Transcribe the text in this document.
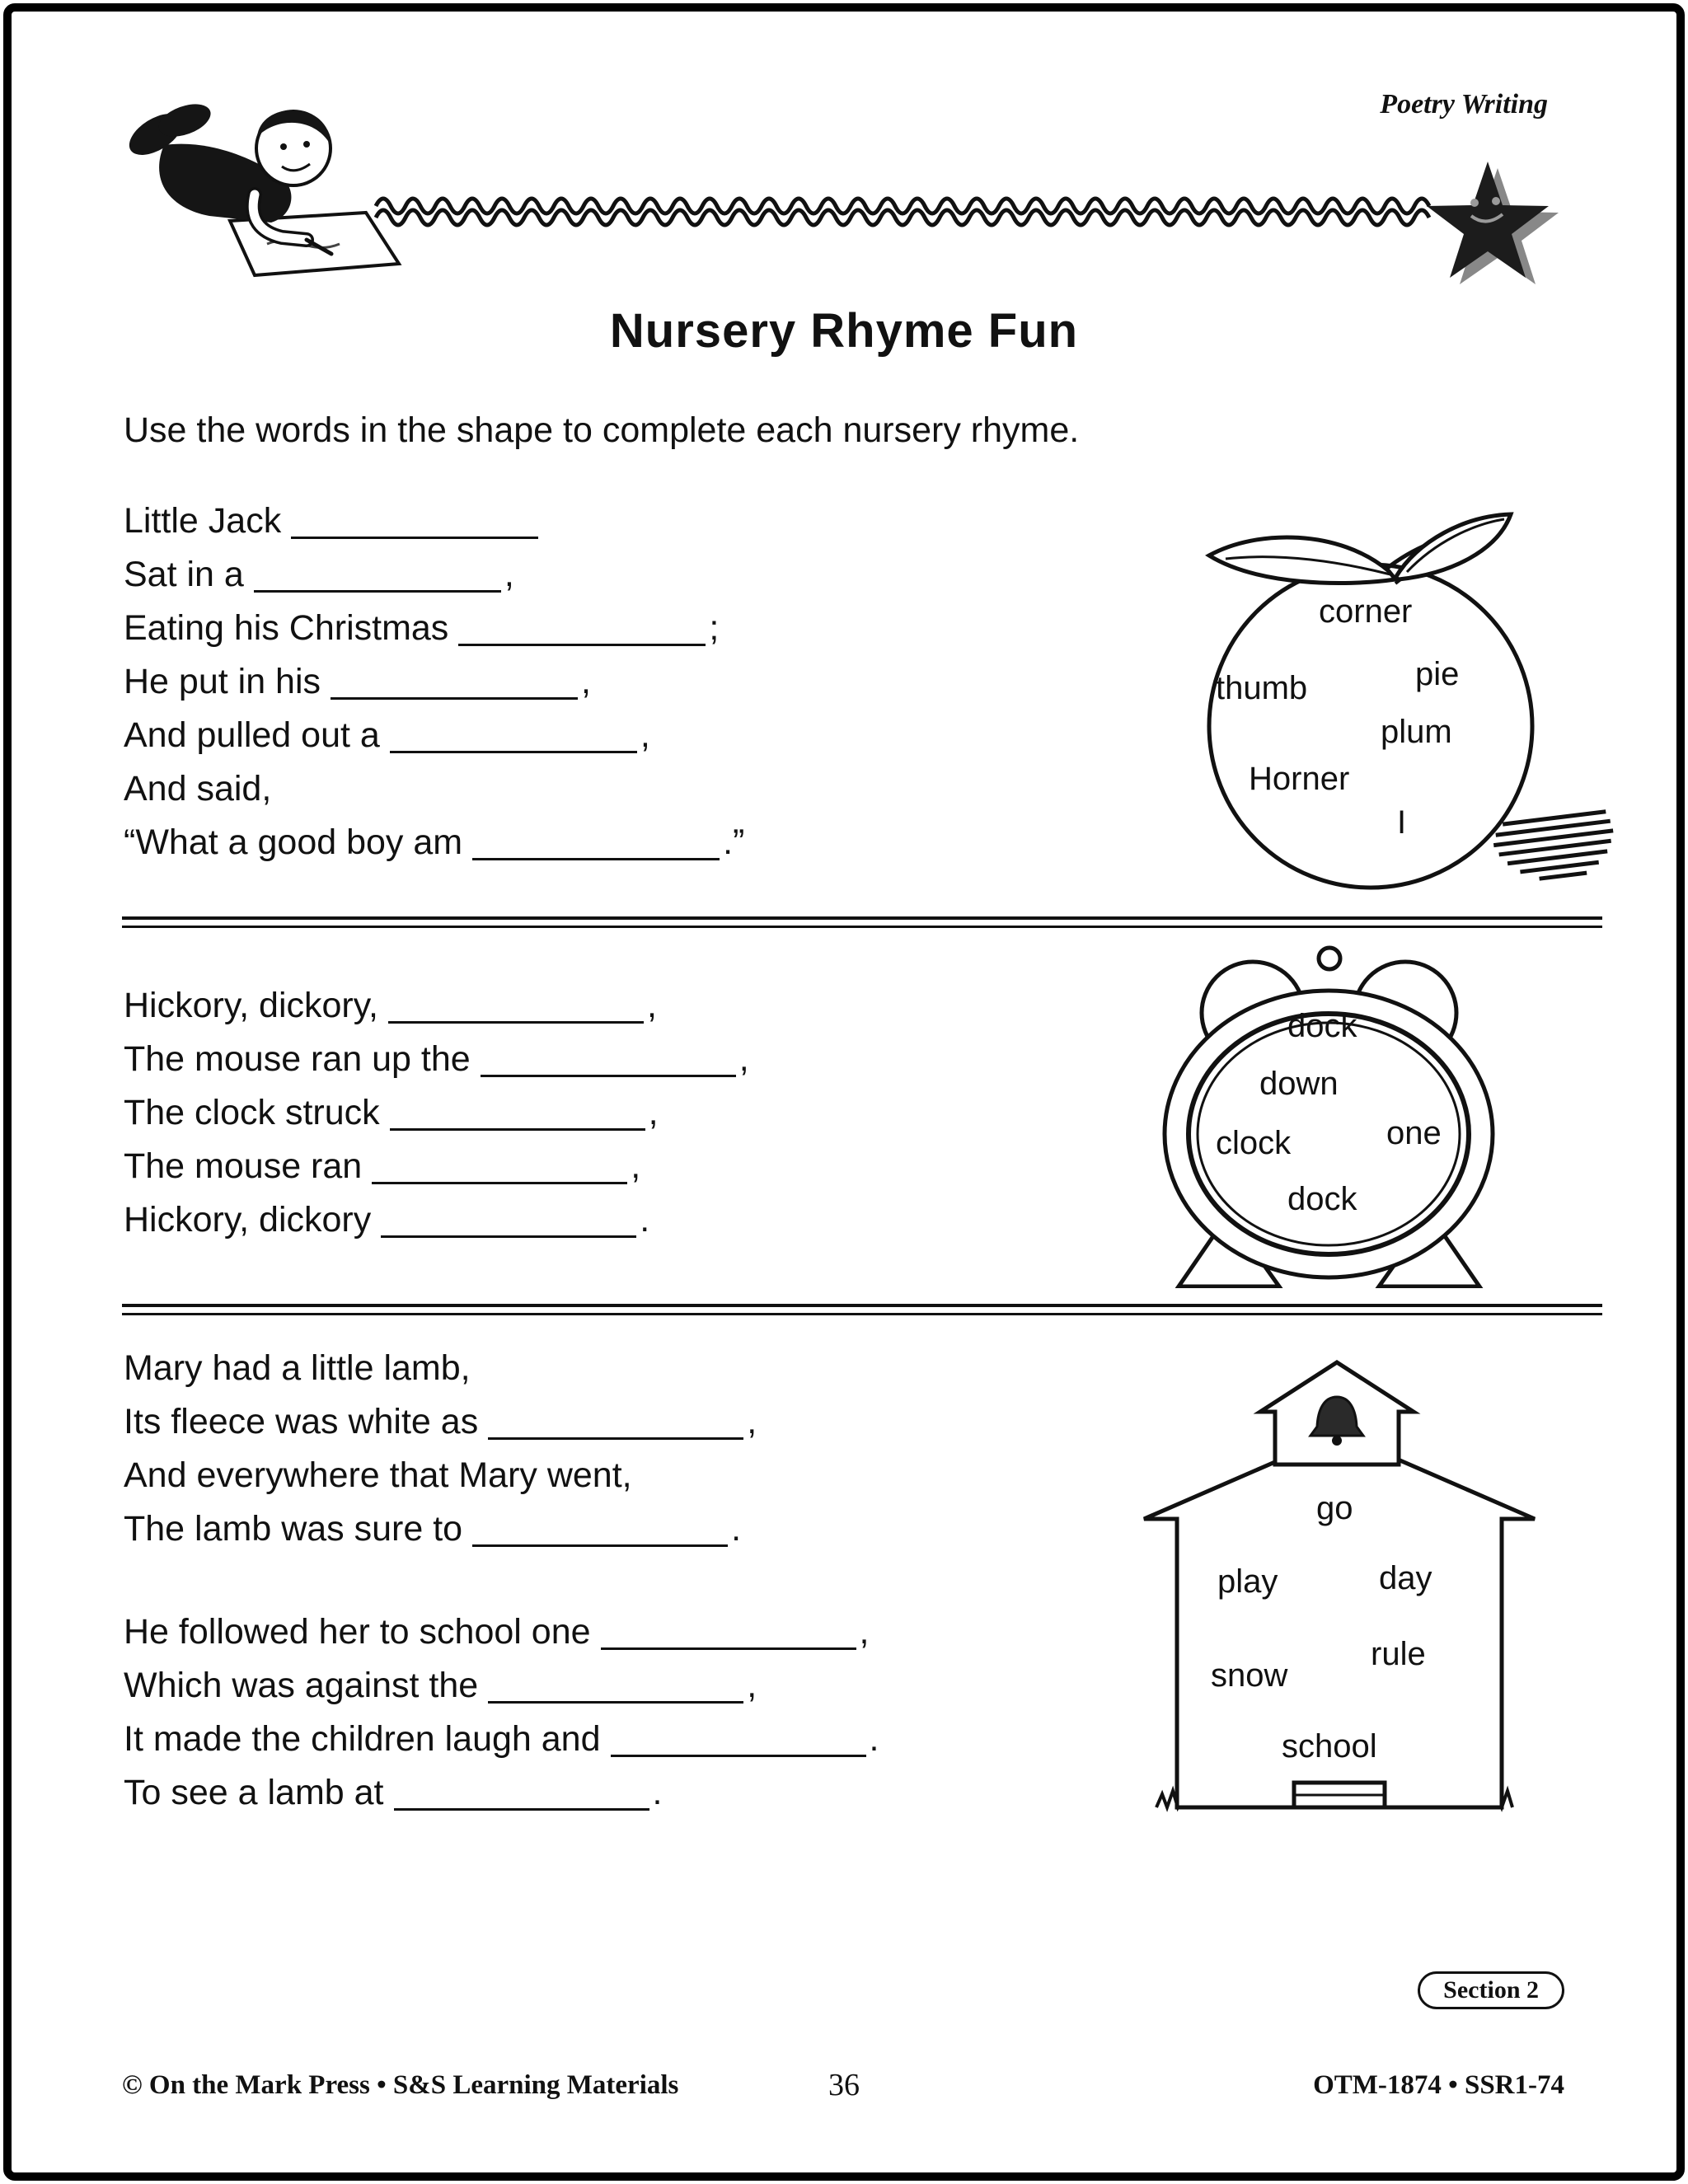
Poetry Writing
Nursery Rhyme Fun
Use the words in the shape to complete each nursery rhyme.
Little Jack
Sat in a	,
Eating his Christmas	;
He put in his	,
And pulled out a	,
And said,
“What a good boy am	.”
corner
thumb	pie
plum
Horner
I
Hickory, dickory,	,
The mouse ran up the	,
The clock struck	,
The mouse ran	,
Hickory, dickory	.
dock
down
clock	one
dock
Mary had a little lamb,
Its fleece was white as	,
And everywhere that Mary went,
The lamb was sure to	.
He followed her to school one	,
Which was against the	,
It made the children laugh and	.
To see a lamb at	.
go
play	day
snow
rule
school
Section 2
© On the Mark Press • S&S Learning Materials	36	OTM-1874 • SSR1-74
